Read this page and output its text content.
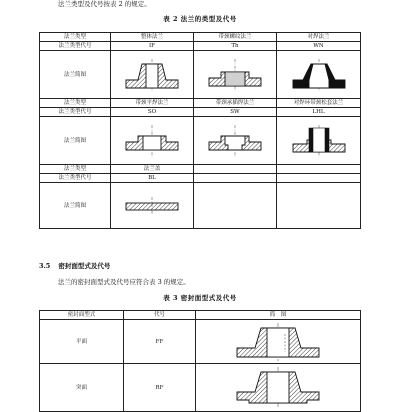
法兰类型及代号按表 2 的规定。
表 2 法兰的类型及代号
法兰类型	整体法兰	带颈螺纹法兰	对焊法兰
法兰类型代号	IF	Th	WN
法兰简图	

法兰类型	带颈平焊法兰	带颈承插焊法兰	对焊环带颈松套法兰
法兰类型代号	SO	SW	LHL
法兰简图	

法兰类型	法兰盖		
法兰类型代号	BL		
法兰简图	

3.5 密封面型式及代号
法兰的密封面型式及代号应符合表 3 的规定。
表 3 密封面型式及代号
密封面型式	代号	简　图
平面	FF	

突面	RF	
